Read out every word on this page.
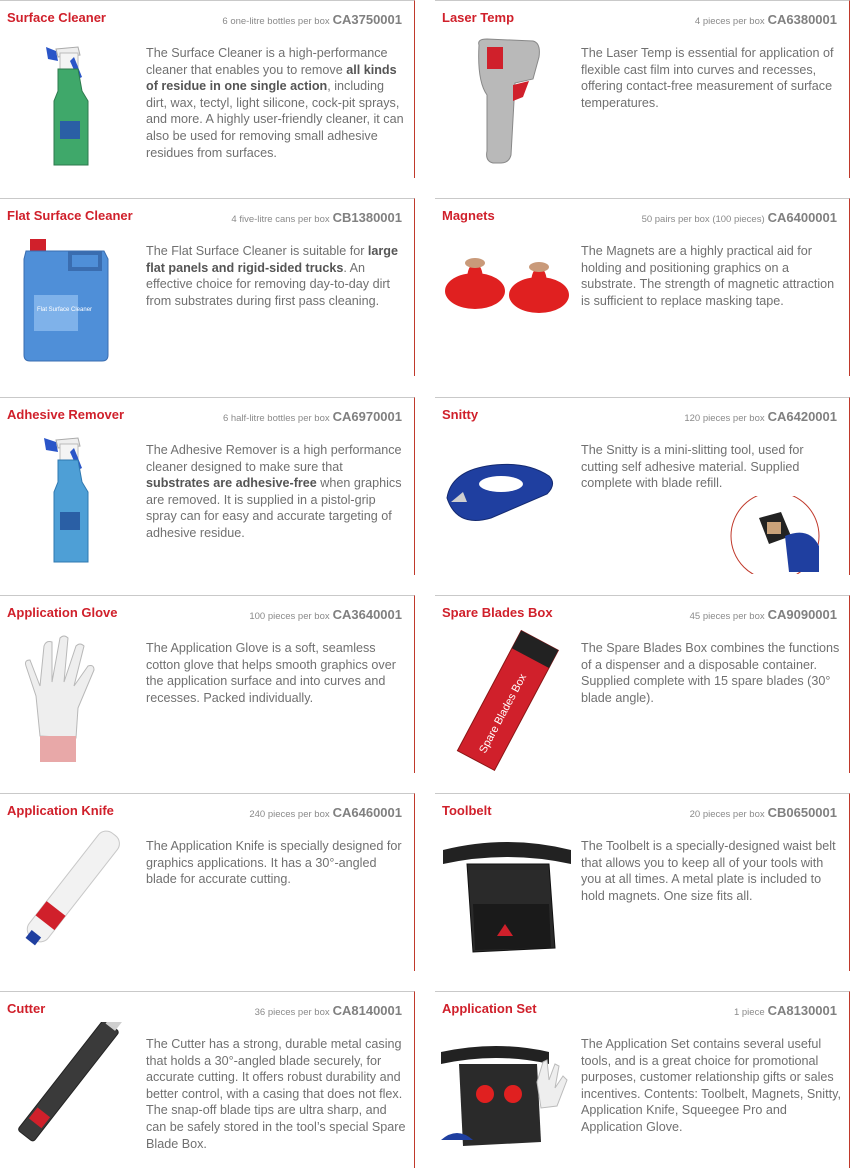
Surface Cleaner	6 one-litre bottles per box CA3750001
The Surface Cleaner is a high-performance cleaner that enables you to remove all kinds of residue in one single action, including dirt, wax, tectyl, light silicone, cock-pit sprays, and more. A highly user-friendly cleaner, it can also be used for removing small adhesive residues from surfaces.
Laser Temp	4 pieces per box CA6380001
The Laser Temp is essential for application of flexible cast film into curves and recesses, offering contact-free measurement of surface temperatures.
Flat Surface Cleaner	4 five-litre cans per box CB1380001
Flat Surface Cleaner
The Flat Surface Cleaner is suitable for large flat panels and rigid-sided trucks. An effective choice for removing day-to-day dirt from substrates during first pass cleaning.
Magnets	50 pairs per box (100 pieces) CA6400001
The Magnets are a highly practical aid for holding and positioning graphics on a substrate. The strength of magnetic attraction is sufficient to replace masking tape.
Adhesive Remover	6 half-litre bottles per box CA6970001
The Adhesive Remover is a high performance cleaner designed to make sure that substrates are adhesive-free when graphics are removed. It is supplied in a pistol-grip spray can for easy and accurate targeting of adhesive residue.
Snitty	120 pieces per box CA6420001
The Snitty is a mini-slitting tool, used for cutting self adhesive material. Supplied complete with blade refill.
Application Glove	100 pieces per box CA3640001
The Application Glove is a soft, seamless cotton glove that helps smooth graphics over the application surface and into curves and recesses. Packed individually.
Spare Blades Box	45 pieces per box CA9090001
Spare Blades Box
The Spare Blades Box combines the functions of a dispenser and a disposable container. Supplied complete with 15 spare blades (30° blade angle).
Application Knife	240 pieces per box CA6460001
The Application Knife is specially designed for graphics applications. It has a 30°-angled blade for accurate cutting.
Toolbelt	20 pieces per box CB0650001
The Toolbelt is a specially-designed waist belt that allows you to keep all of your tools with you at all times. A metal plate is included to hold magnets. One size fits all.
Cutter	36 pieces per box CA8140001
The Cutter has a strong, durable metal casing that holds a 30°-angled blade securely, for accurate cutting. It offers robust durability and better control, with a casing that does not flex. The snap-off blade tips are ultra sharp, and can be safely stored in the tool’s special Spare Blade Box.
Application Set	1 piece CA8130001
The Application Set contains several useful tools, and is a great choice for promotional purposes, customer relationship gifts or sales incentives. Contents: Toolbelt, Magnets, Snitty, Application Knife, Squeegee Pro and Application Glove.
